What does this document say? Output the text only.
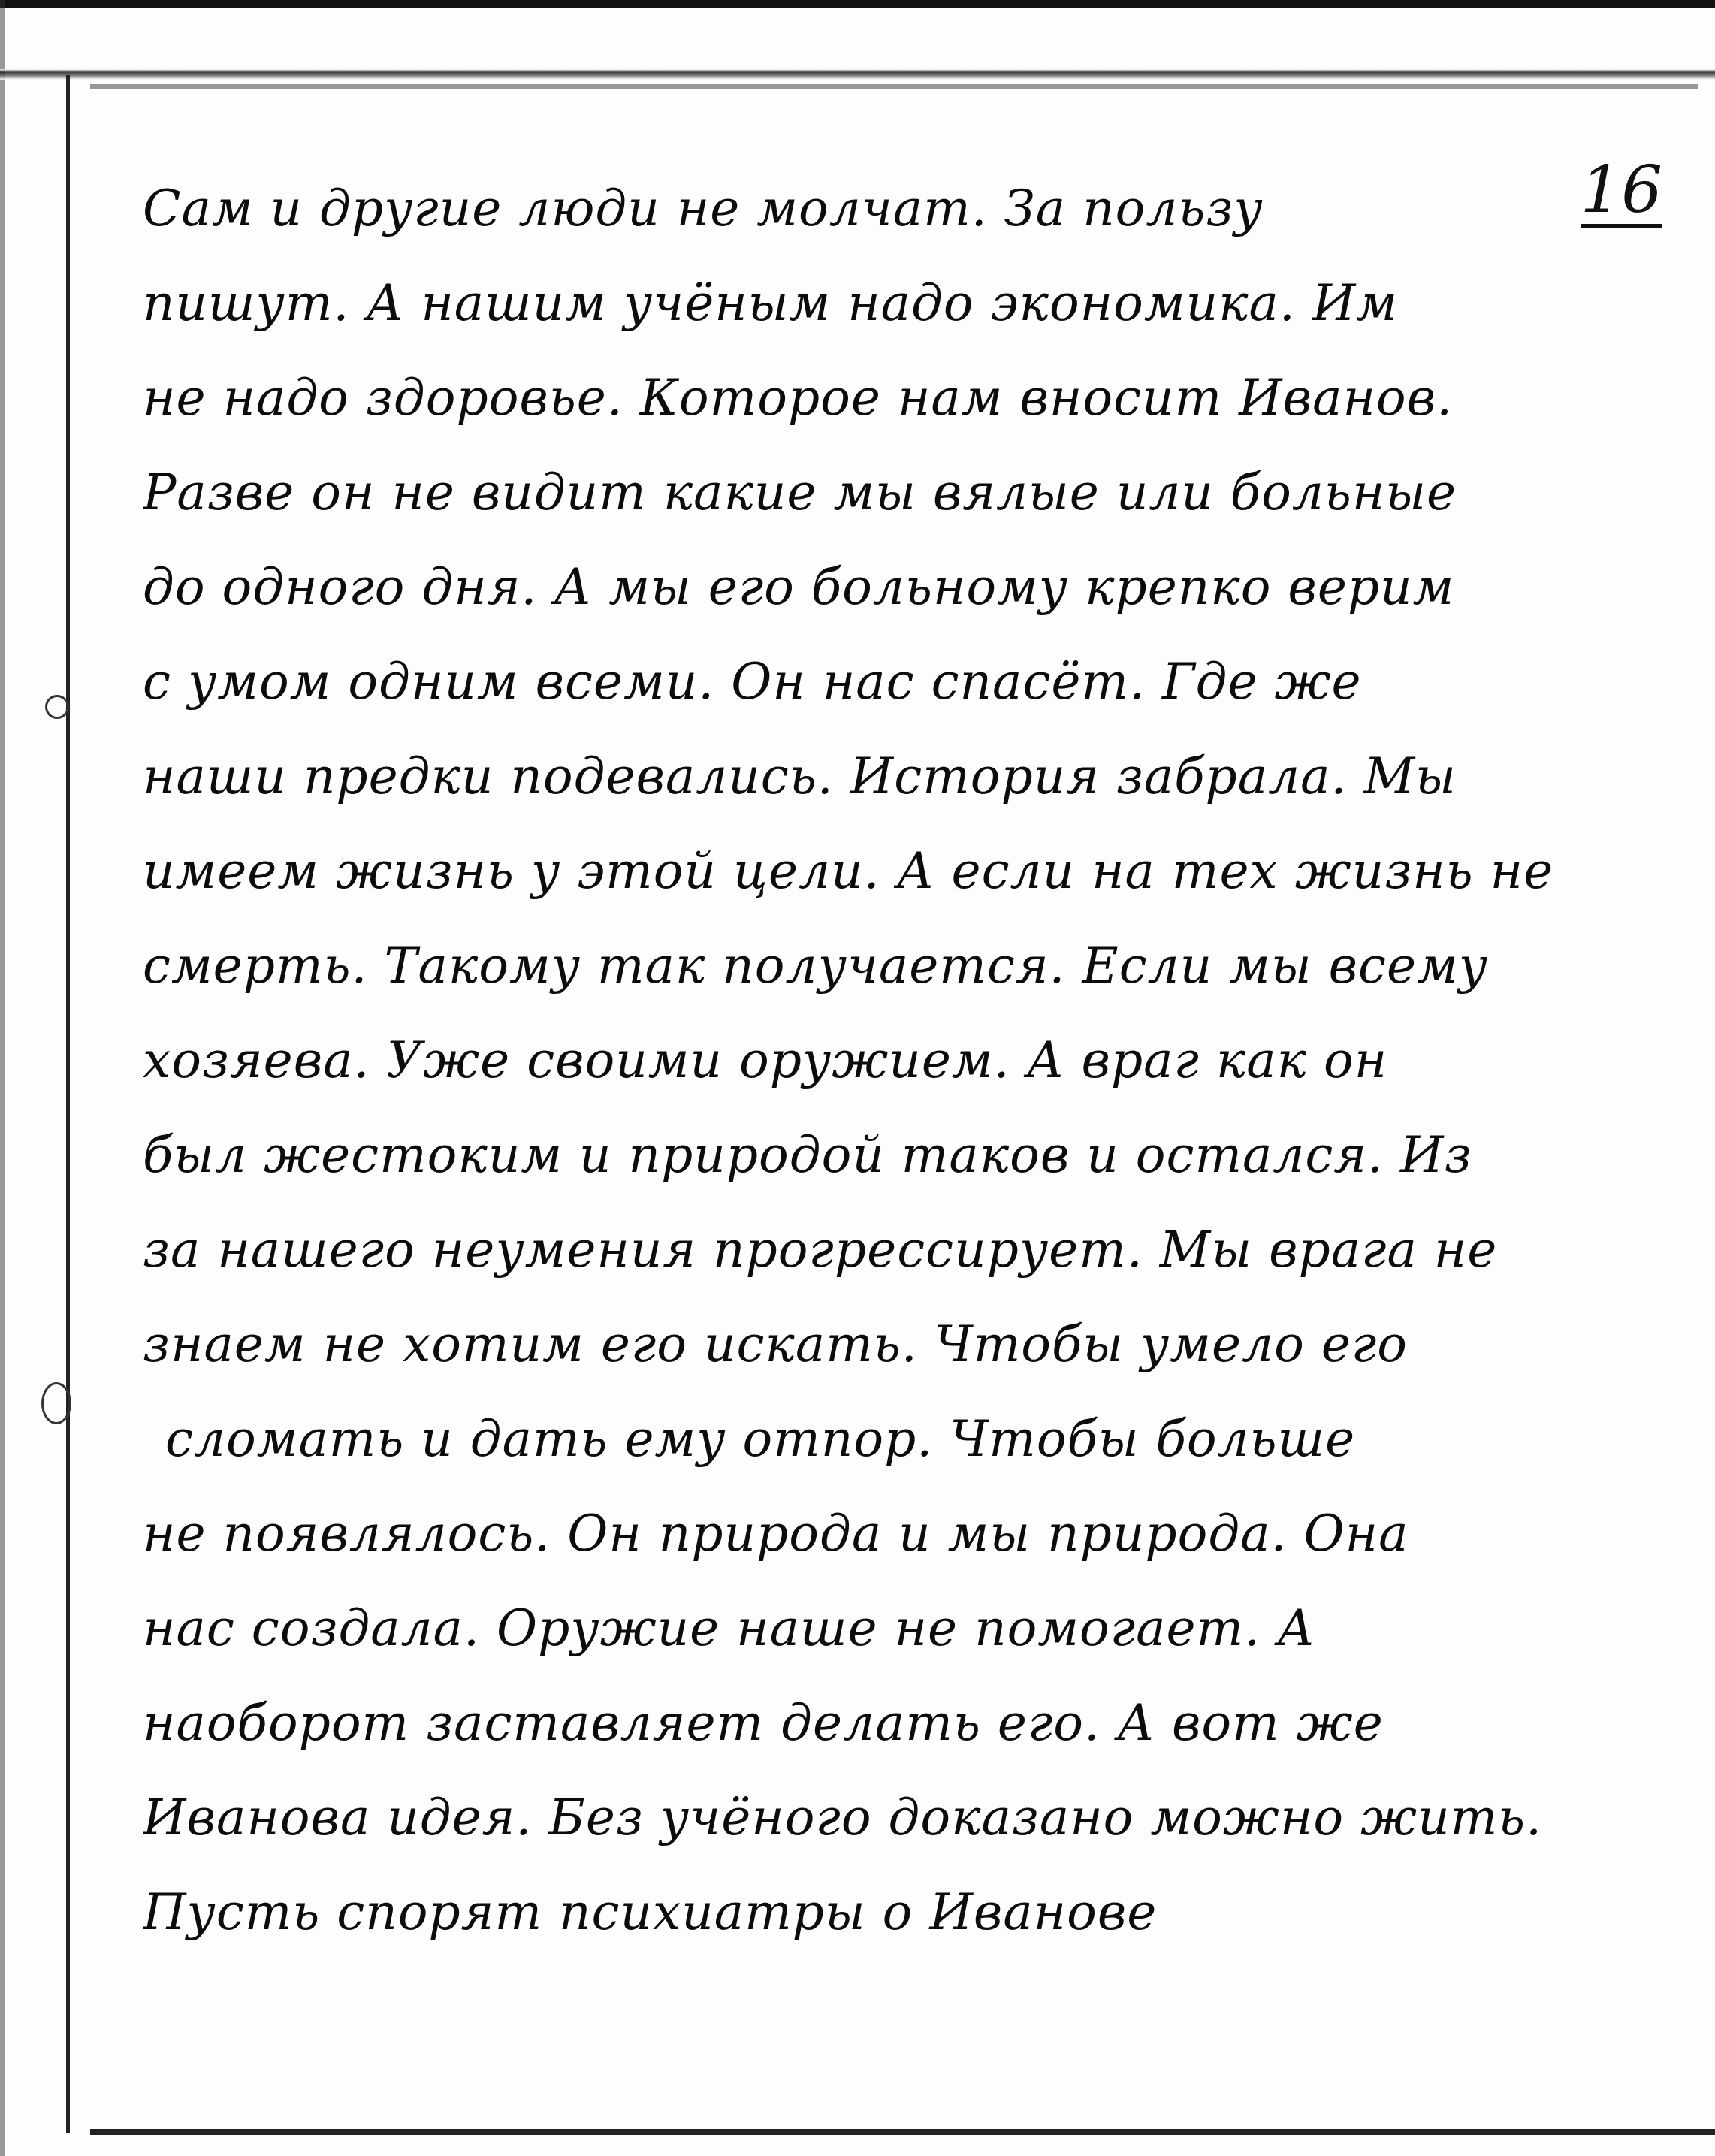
16
Сам и другие люди не молчат. За пользу
пишут. А нашим учёным надо экономика. Им
не надо здоровье. Которое нам вносит Иванов.
Разве он не видит какие мы вялые или больные
до одного дня. А мы его больному крепко верим
с умом одним всеми. Он нас спасёт. Где же
наши предки подевались. История забрала. Мы
имеем жизнь у этой цели. А если на тех жизнь не
смерть. Такому так получается. Если мы всему
хозяева. Уже своими оружием. А враг как он
был жестоким и природой таков и остался. Из
за нашего неумения прогрессирует. Мы врага не
знаем не хотим его искать. Чтобы умело его
сломать и дать ему отпор. Чтобы больше
не появлялось. Он природа и мы природа. Она
нас создала. Оружие наше не помогает. А
наоборот заставляет делать его. А вот же
Иванова идея. Без учёного доказано можно жить.
Пусть спорят психиатры о Иванове
